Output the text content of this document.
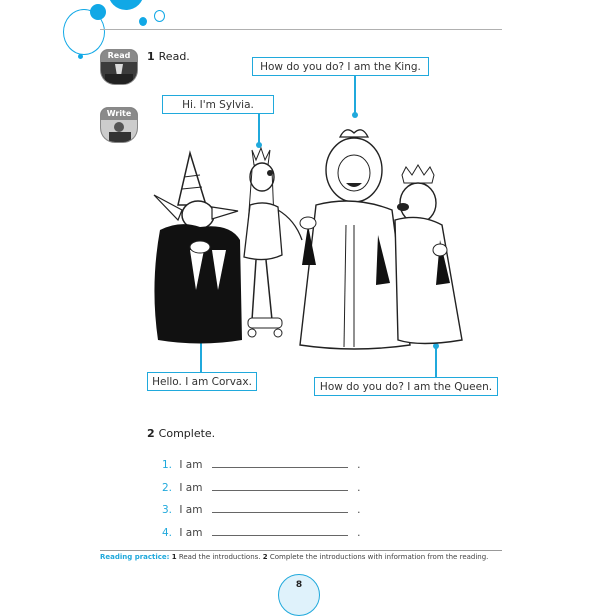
Read
Write
1 Read.
How do you do? I am the King.
Hi. I'm Sylvia.
Hello. I am Corvax.	How do you do? I am the Queen.
2 Complete.
1. I am	.
2. I am	.
3. I am	.
4. I am	.
Reading practice: 1 Read the introductions. 2 Complete the introductions with information from the reading.
8
